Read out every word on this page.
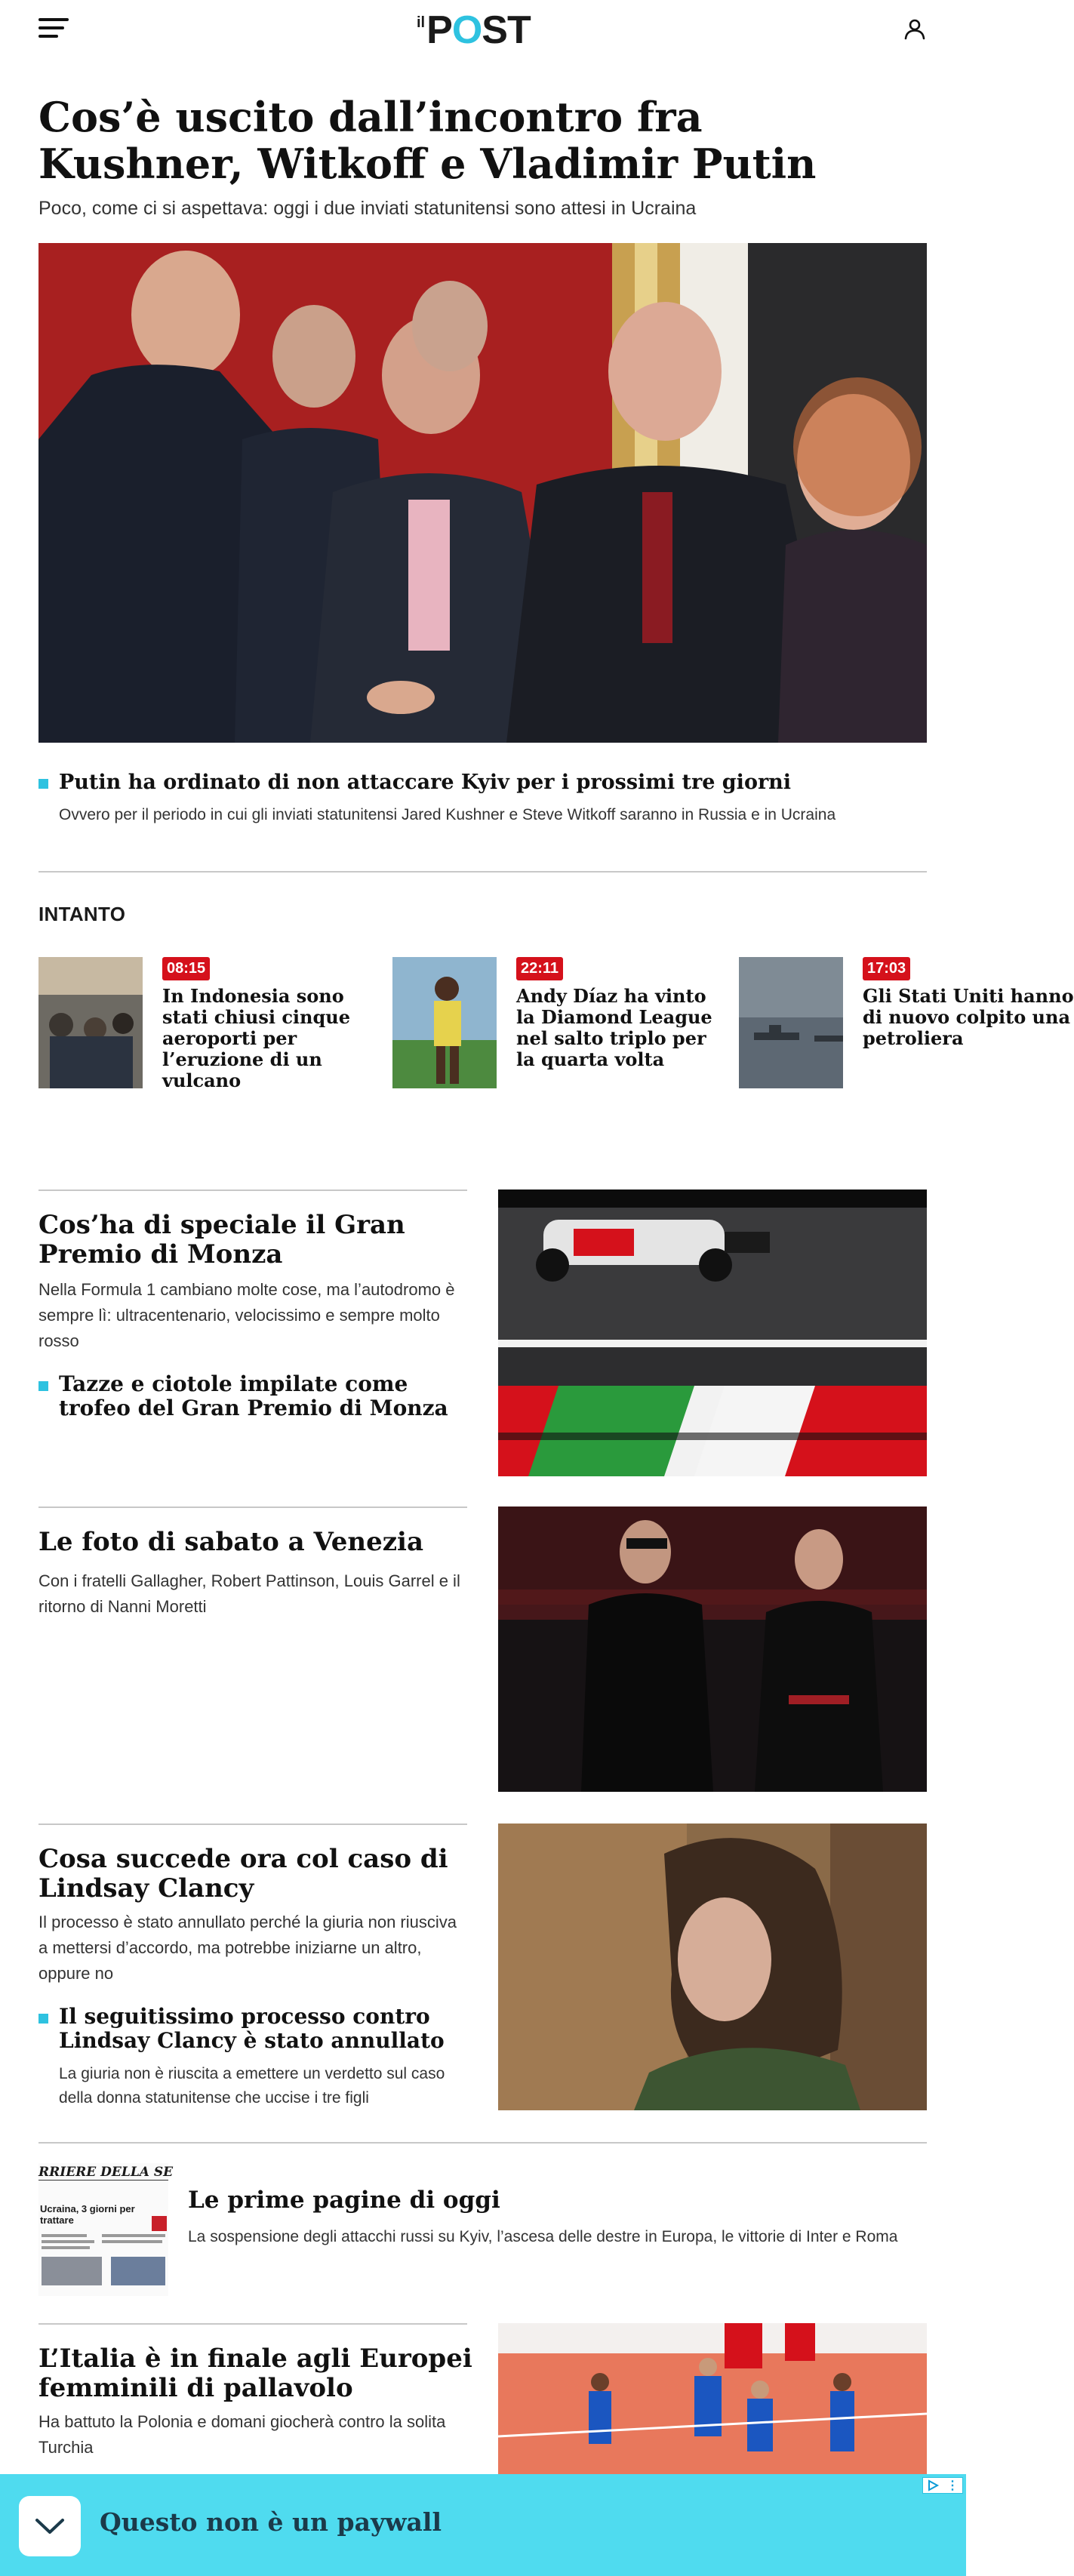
il POST
Cos’è uscito dall’incontro fra Kushner, Witkoff e Vladimir Putin

Poco, come ci si aspettava: oggi i due inviati statunitensi sono attesi in Ucraina

Putin ha ordinato di non attaccare Kyiv per i prossimi tre giorni

Ovvero per il periodo in cui gli inviati statunitensi Jared Kushner e Steve Witkoff saranno in Russia e in Ucraina

INTANTO
08:15
In Indonesia sono stati chiusi cinque aeroporti per l’eruzione di un vulcano
22:11
Andy Díaz ha vinto la Diamond League nel salto triplo per la quarta volta
17:03
Gli Stati Uniti hanno di nuovo colpito una petroliera
Cos’ha di speciale il Gran Premio di Monza

Nella Formula 1 cambiano molte cose, ma l’autodromo è sempre lì: ultracentenario, velocissimo e sempre molto rosso

Tazze e ciotole impilate come trofeo del Gran Premio di Monza
Le foto di sabato a Venezia

Con i fratelli Gallagher, Robert Pattinson, Louis Garrel e il ritorno di Nanni Moretti

Cosa succede ora col caso di Lindsay Clancy

Il processo è stato annullato perché la giuria non riusciva a mettersi d’accordo, ma potrebbe iniziarne un altro, oppure no

Il seguitissimo processo contro Lindsay Clancy è stato annullato

La giuria non è riuscita a emettere un verdetto sul caso della donna statunitense che uccise i tre figli

RRIERE DELLA SE
Ucraina, 3 giorni per trattare
Le prime pagine di oggi

La sospensione degli attacchi russi su Kyiv, l’ascesa delle destre in Europa, le vittorie di Inter e Roma

L’Italia è in finale agli Europei femminili di pallavolo

Ha battuto la Polonia e domani giocherà contro la solita Turchia

Questo non è un paywall
⋮
